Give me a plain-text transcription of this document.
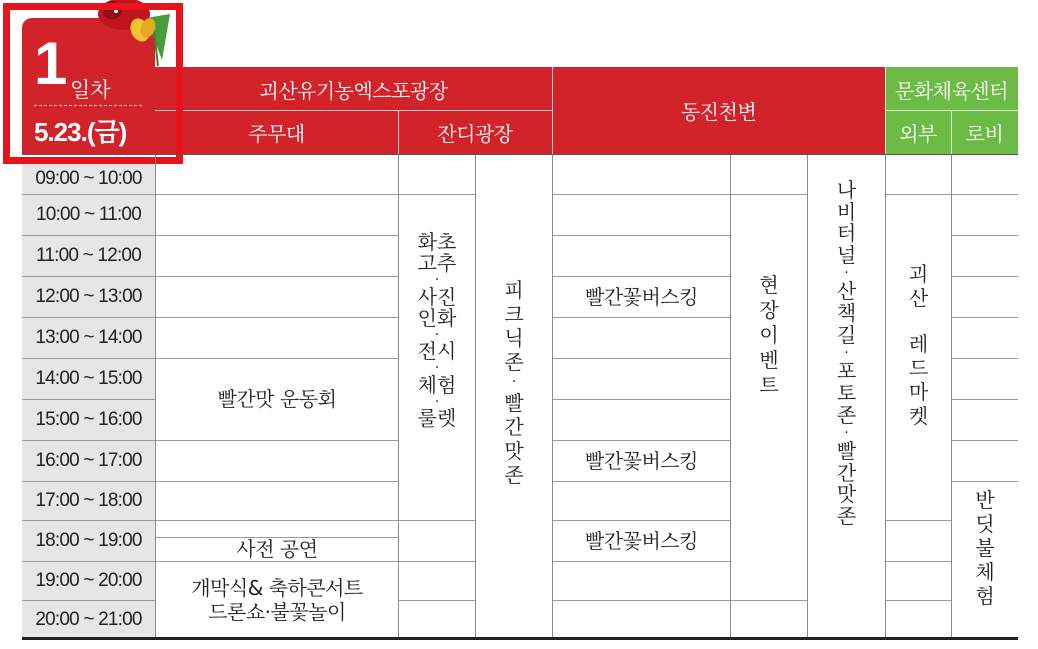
괴산유기농엑스포광장
주무대	잔디광장
동진천변
문화체육센터
외부	로비
1 일차
5.23.(금)
09:00 ~ 10:00
10:00 ~ 11:00
11:00 ~ 12:00
12:00 ~ 13:00
13:00 ~ 14:00
14:00 ~ 15:00
15:00 ~ 16:00
16:00 ~ 17:00
17:00 ~ 18:00
18:00 ~ 19:00
19:00 ~ 20:00
20:00 ~ 21:00
빨간맛 운동회
사전 공연
개막식& 축하콘서트
드론쇼·불꽃놀이
화초
고추
·
사진
인화
·
전시
·
체험
·
룰렛
피
크
닉
존
·
빨
간
맛
존
빨간꽃버스킹
빨간꽃버스킹
빨간꽃버스킹
현
장
이
벤
트
나
비
터
널
·
산
책
길
·
포
토
존
·
빨
간
맛
존
괴
산
레
드
마
켓
반
딧
불
체
험
